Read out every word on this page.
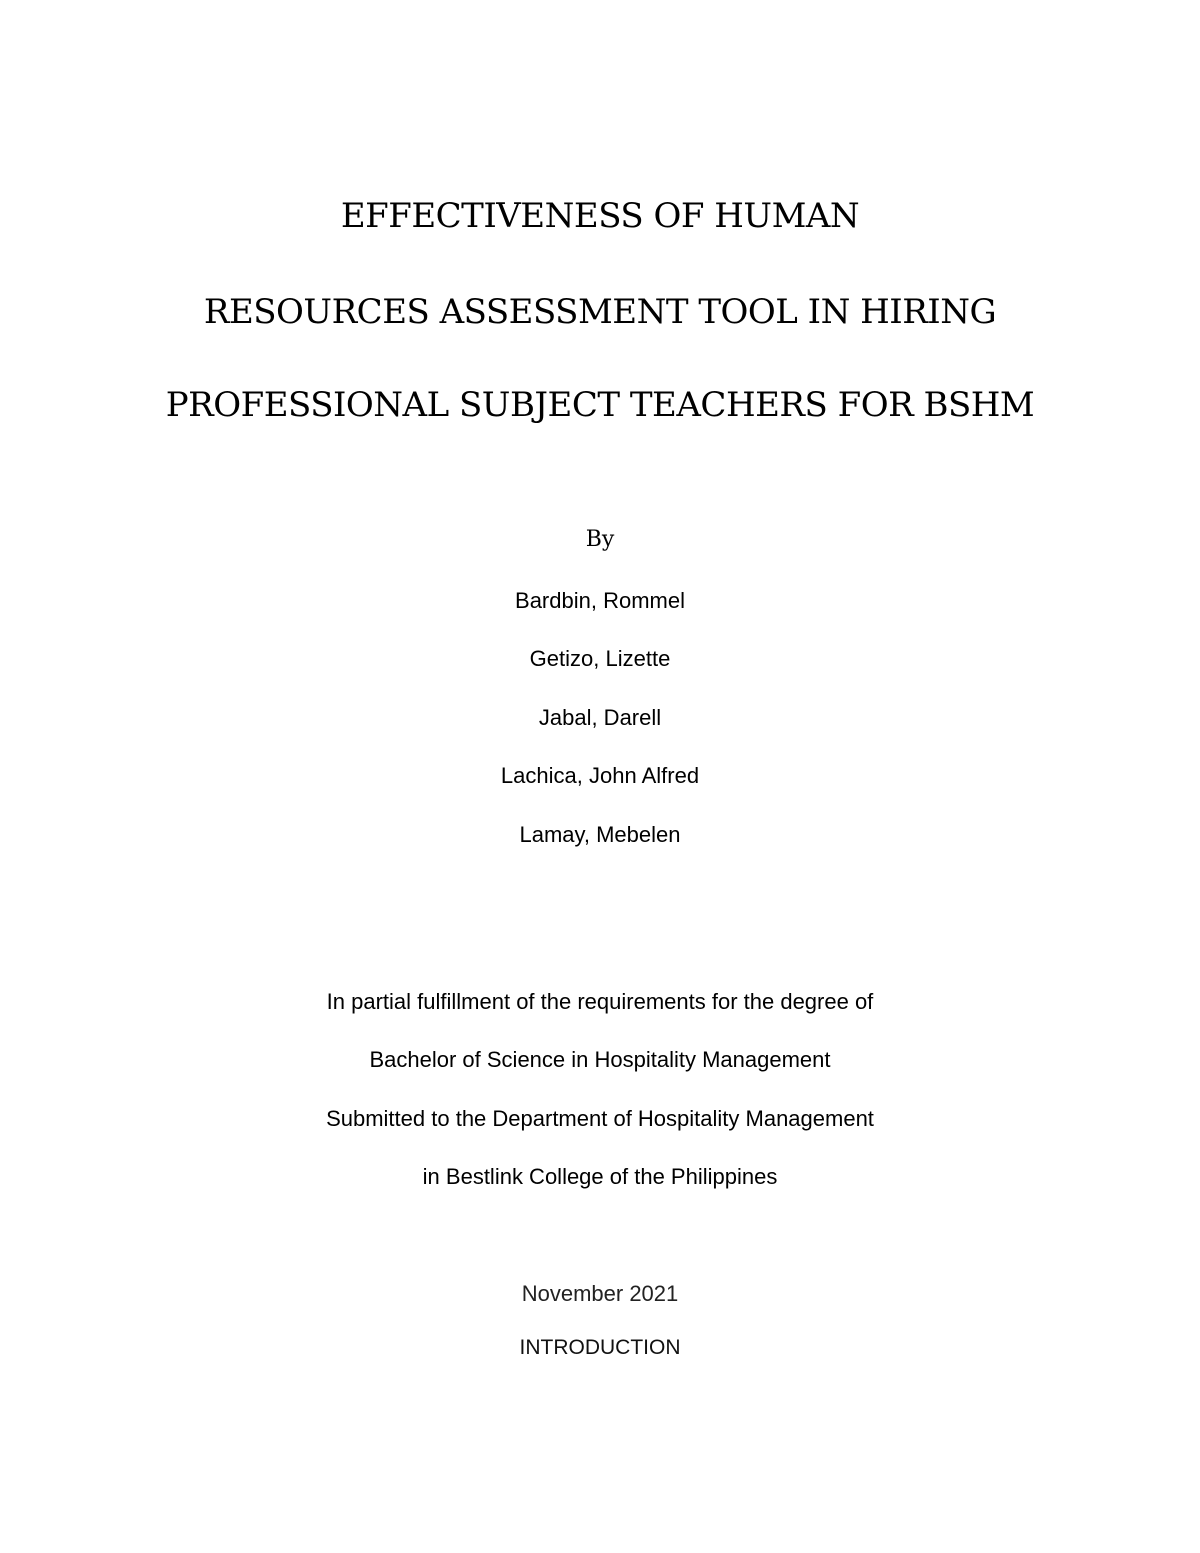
EFFECTIVENESS OF HUMAN

RESOURCES ASSESSMENT TOOL IN HIRING

PROFESSIONAL SUBJECT TEACHERS FOR BSHM

By

Bardbin, Rommel

Getizo, Lizette

Jabal, Darell

Lachica, John Alfred

Lamay, Mebelen

In partial fulfillment of the requirements for the degree of

Bachelor of Science in Hospitality Management

Submitted to the Department of Hospitality Management

in Bestlink College of the Philippines

November 2021

INTRODUCTION
